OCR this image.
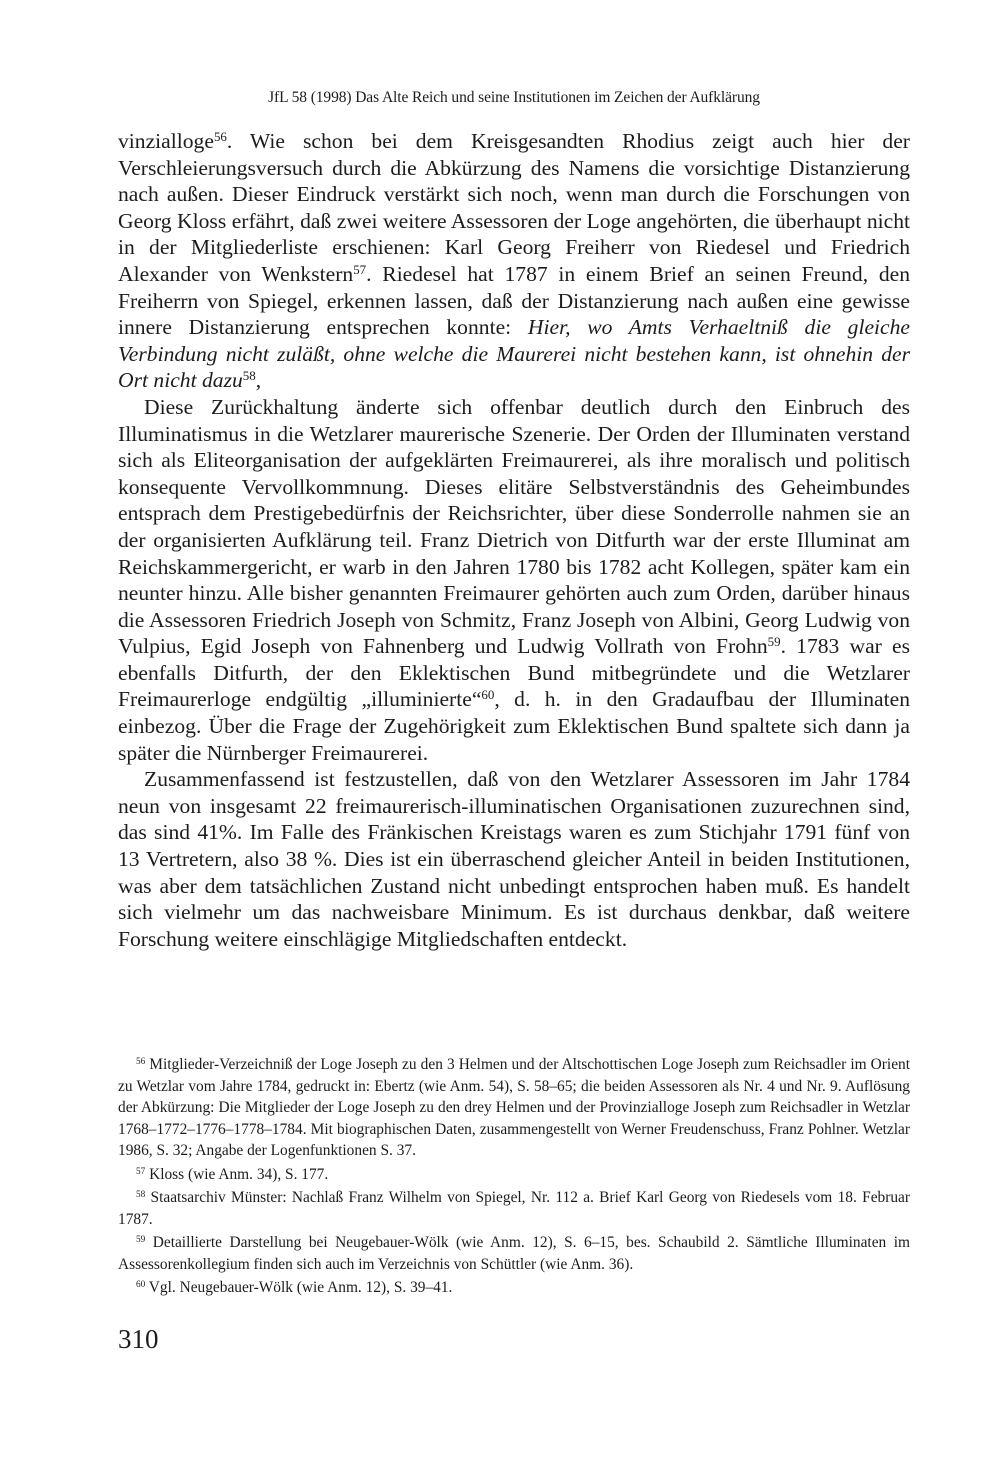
JfL 58 (1998) Das Alte Reich und seine Institutionen im Zeichen der Aufklärung

vinzialloge$^{56}$. Wie schon bei dem Kreisgesandten Rhodius zeigt auch hier der Verschleierungsversuch durch die Abkürzung des Namens die vorsichtige Distanzierung nach außen. Dieser Eindruck verstärkt sich noch, wenn man durch die Forschungen von Georg Kloss erfährt, daß zwei weitere Assessoren der Loge angehörten, die überhaupt nicht in der Mitgliederliste erschienen: Karl Georg Freiherr von Riedesel und Friedrich Alexander von Wenkstern$^{57}$. Riedesel hat 1787 in einem Brief an seinen Freund, den Freiherrn von Spiegel, erkennen lassen, daß der Distanzierung nach außen eine gewisse innere Distanzierung entsprechen konnte: Hier, wo Amts Verhaeltniß die gleiche Verbindung nicht zuläßt, ohne welche die Maurerei nicht bestehen kann, ist ohnehin der Ort nicht dazu$^{58}$,

Diese Zurückhaltung änderte sich offenbar deutlich durch den Einbruch des Illuminatismus in die Wetzlarer maurerische Szenerie. Der Orden der Illuminaten verstand sich als Eliteorganisation der aufgeklärten Freimaurerei, als ihre moralisch und politisch konsequente Vervollkommnung. Dieses elitäre Selbstverständnis des Geheimbundes entsprach dem Prestigebedürfnis der Reichsrichter, über diese Sonderrolle nahmen sie an der organisierten Aufklärung teil. Franz Dietrich von Ditfurth war der erste Illuminat am Reichskammergericht, er warb in den Jahren 1780 bis 1782 acht Kollegen, später kam ein neunter hinzu. Alle bisher genannten Freimaurer gehörten auch zum Orden, darüber hinaus die Assessoren Friedrich Joseph von Schmitz, Franz Joseph von Albini, Georg Ludwig von Vulpius, Egid Joseph von Fahnenberg und Ludwig Vollrath von Frohn$^{59}$. 1783 war es ebenfalls Ditfurth, der den Eklektischen Bund mitbegründete und die Wetzlarer Freimaurerloge endgültig „illuminierte“$^{60}$, d. h. in den Gradaufbau der Illuminaten einbezog. Über die Frage der Zugehörigkeit zum Eklektischen Bund spaltete sich dann ja später die Nürnberger Freimaurerei.

Zusammenfassend ist festzustellen, daß von den Wetzlarer Assessoren im Jahr 1784 neun von insgesamt 22 freimaurerisch-illuminatischen Organisationen zuzurechnen sind, das sind 41%. Im Falle des Fränkischen Kreistags waren es zum Stichjahr 1791 fünf von 13 Vertretern, also 38 %. Dies ist ein überraschend gleicher Anteil in beiden Institutionen, was aber dem tatsächlichen Zustand nicht unbedingt entsprochen haben muß. Es handelt sich vielmehr um das nachweisbare Minimum. Es ist durchaus denkbar, daß weitere Forschung weitere einschlägige Mitgliedschaften entdeckt.

$^{56}$ Mitglieder-Verzeichniß der Loge Joseph zu den 3 Helmen und der Altschottischen Loge Joseph zum Reichsadler im Orient zu Wetzlar vom Jahre 1784, gedruckt in: Ebertz (wie Anm. 54), S. 58–65; die beiden Assessoren als Nr. 4 und Nr. 9. Auflösung der Abkürzung: Die Mitglieder der Loge Joseph zu den drey Helmen und der Provinzialloge Joseph zum Reichsadler in Wetzlar 1768–1772–1776–1778–1784. Mit biographischen Daten, zusammengestellt von Werner Freudenschuss, Franz Pohlner. Wetzlar 1986, S. 32; Angabe der Logenfunktionen S. 37.

$^{57}$ Kloss (wie Anm. 34), S. 177.

$^{58}$ Staatsarchiv Münster: Nachlaß Franz Wilhelm von Spiegel, Nr. 112 a. Brief Karl Georg von Riedesels vom 18. Februar 1787.

$^{59}$ Detaillierte Darstellung bei Neugebauer-Wölk (wie Anm. 12), S. 6–15, bes. Schaubild 2. Sämtliche Illuminaten im Assessorenkollegium finden sich auch im Verzeichnis von Schüttler (wie Anm. 36).

$^{60}$ Vgl. Neugebauer-Wölk (wie Anm. 12), S. 39–41.

310
